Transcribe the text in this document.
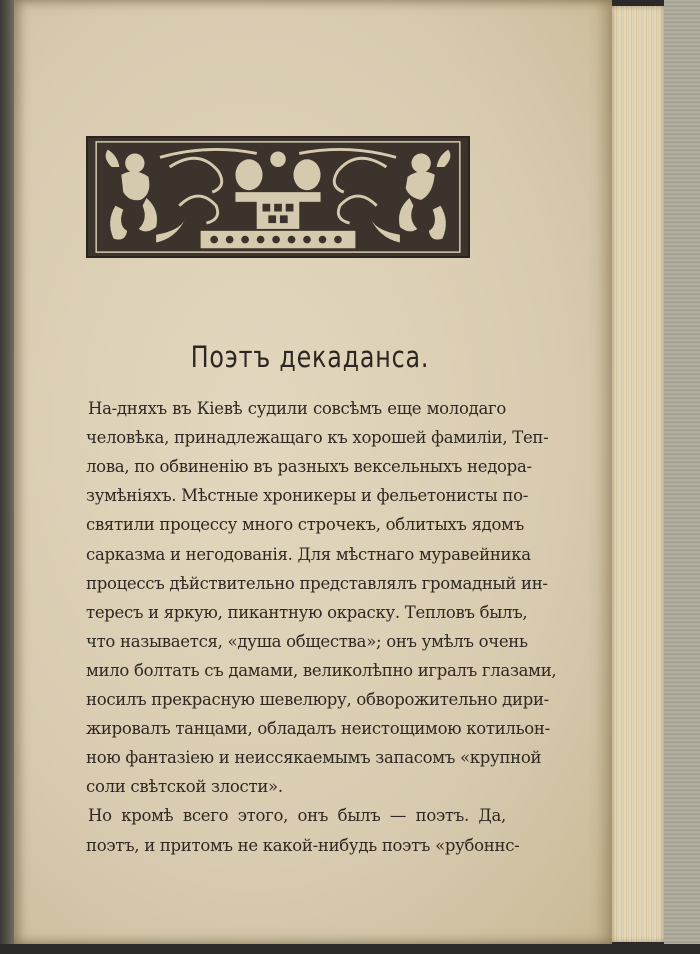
Поэтъ декаданса.
На-дняхъ въ Кіевѣ судили совсѣмъ еще молодаго
человѣка, принадлежащаго къ хорошей фамиліи, Теп-
лова, по обвиненію въ разныхъ вексельныхъ недора-
зумѣніяхъ. Мѣстные хроникеры и фельетонисты по-
святили процессу много строчекъ, облитыхъ ядомъ
сарказма и негодованія. Для мѣстнаго муравейника
процессъ дѣйствительно представлялъ громадный ин-
тересъ и яркую, пикантную окраску. Тепловъ былъ,
что называется, «душа общества»; онъ умѣлъ очень
мило болтать съ дамами, великолѣпно игралъ глазами,
носилъ прекрасную шевелюру, обворожительно дири-
жировалъ танцами, обладалъ неистощимою котильон-
ною фантазіею и неиссякаемымъ запасомъ «крупной
соли свѣтской злости».
Но кромѣ всего этого, онъ былъ — поэтъ. Да,
поэтъ, и притомъ не какой-нибудь поэтъ «рубоннс-
